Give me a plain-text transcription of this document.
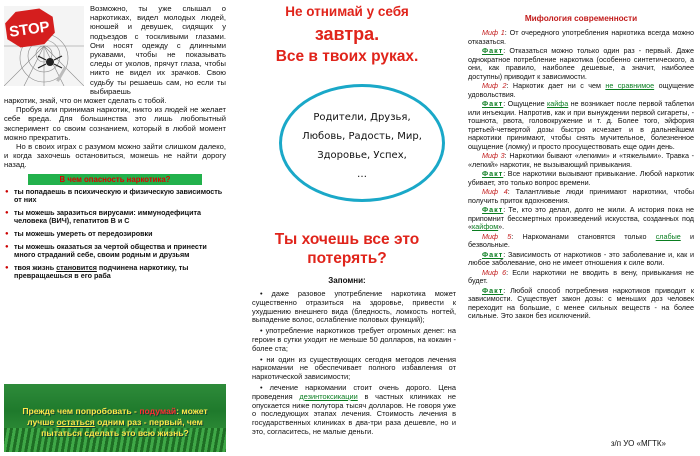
STOP

Возможно, ты уже слышал о наркотиках, видел молодых людей, юношей и девушек, сидящих у подъездов с тоскливыми глазами. Они носят одежду с длинными рукавами, чтобы не показывать следы от уколов, прячут глаза, чтобы никто не видел их зрачков. Свою судьбу ты решаешь сам, но если ты выбираешь

наркотик, знай, что он может сделать с тобой.

Пробуя или принимая наркотик, никто из людей не желает себе вреда. Для большинства это лишь любопытный эксперимент со своим сознанием, который в любой момент можно прекратить.

Но в своих играх с разумом можно зайти слишком далеко, и когда захочешь остановиться, можешь не найти дорогу назад.

В чем опасность наркотика?
● ты попадаешь в психическую и физическую зависимость от них
● ты можешь заразиться вирусами: иммунодефицита человека (ВИЧ), гепатитов В и С
● ты можешь умереть от передозировки
● ты можешь оказаться за чертой общества и принести много страданий себе, своим родным и друзьям
● твоя жизнь становится подчинена наркотику, ты превращаешься в его раба
Прежде чем попробовать - подумай: может лучше остаться одним раз - первый, чем пытаться сделать это всю жизнь?
Не отнимай у себя
завтра.
Все в твоих руках.
Родители, Друзья,
Любовь, Радость, Мир,
Здоровье, Успех,
…
Ты хочешь все это
потерять?
Запомни:

• даже разовое употребление наркотика может существенно отразиться на здоровье, привести к ухудшению внешнего вида (бледность, ломкость ногтей, выпадение волос, ослабление половых функций);

• употребление наркотиков требует огромных денег: на героин в сутки уходит не меньше 50 долларов, на кокаин - более ста;

• ни один из существующих сегодня методов лечения наркомании не обеспечивает полного избавления от наркотической зависимости;

• лечение наркомании стоит очень дорого. Цена проведения дезинтоксикации в частных клиниках не опускается ниже полутора тысяч долларов. Не говоря уже о последующих этапах лечения. Стоимость лечения в государственных клиниках в два-три раза дешевле, но и это, согласитесь, не малые деньги.

Мифология современности

Миф 1: От очередного употребления наркотика всегда можно отказаться.

Факт: Отказаться можно только один раз - первый. Даже однократное потребление наркотика (особенно синтетического, а они, как правило, наиболее дешевые, а значит, наиболее доступны) приводит к зависимости.

Миф 2: Наркотик дает ни с чем не сравнимое ощущение удовольствия.

Факт: Ощущение кайфа не возникает после первой таблетки или инъекции. Напротив, как и при вынуждении первой сигареты, - тошнота, рвота, головокружение и т. д. Более того, эйфория третьей-четвертой дозы быстро исчезает и в дальнейшем наркотики принимают, чтобы снять мучительное, болезненное ощущение (ломку) и просто просуществовать еще один день.

Миф 3: Наркотики бывают «легкими» и «тяжелыми». Травка - «легкий» наркотик, не вызывающий привыкания.

Факт: Все наркотики вызывают привыкание. Любой наркотик убивает, это только вопрос времени.

Миф 4: Талантливые люди принимают наркотики, чтобы получить приток вдохновения.

Факт: Те, кто это делал, долго не жили. А история пока не припомнит бессмертных произведений искусства, созданных под «кайфом».

Миф 5: Наркоманами становятся только слабые и безвольные.

Факт: Зависимость от наркотиков - это заболевание и, как и любое заболевание, оно не имеет отношения к силе воли.

Миф 6: Если наркотики не вводить в вену, привыкания не будет.

Факт: Любой способ потребления наркотиков приводит к зависимости. Существует закон дозы: с меньших доз человек переходит на большие, с менее сильных веществ - на более сильные. Это закон без исключений.

з/п УО «МГТК»
